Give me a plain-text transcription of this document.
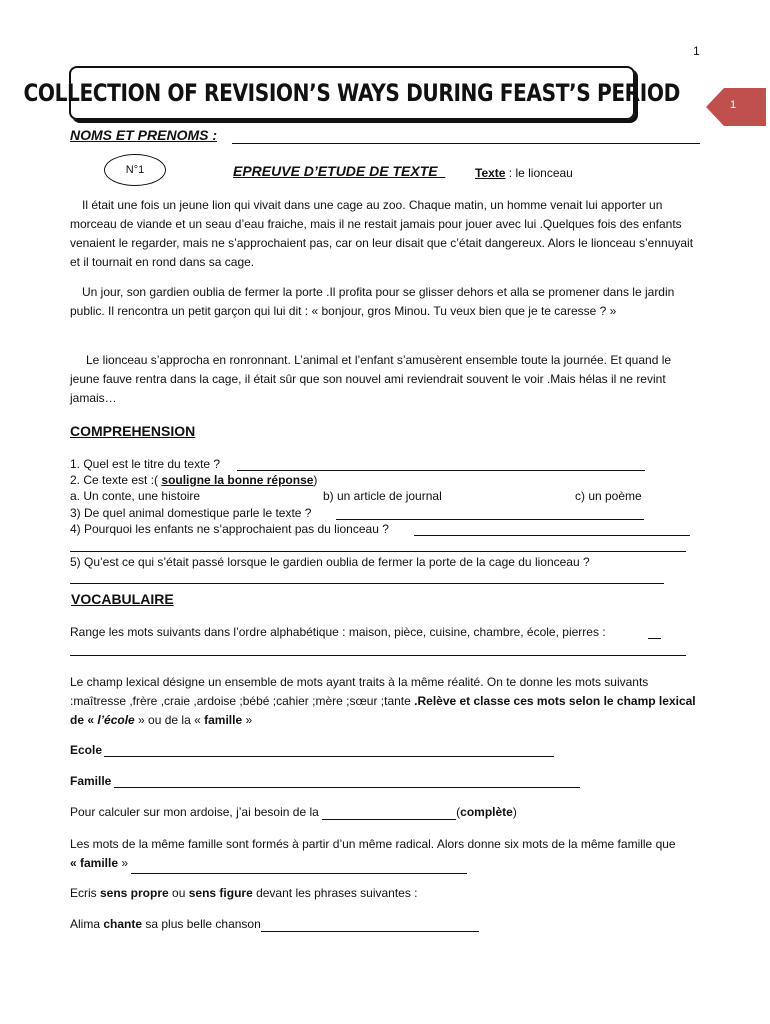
1
COLLECTION OF REVISION’S WAYS DURING FEAST’S PERIOD	1
NOMS ET PRENOMS :
N°1	EPREUVE D’ETUDE DE TEXTE	Texte : le lionceau
Il était une fois un jeune lion qui vivait dans une cage au zoo. Chaque matin, un homme venait lui apporter un morceau de viande et un seau d’eau fraiche, mais il ne restait jamais pour jouer avec lui .Quelques fois des enfants venaient le regarder, mais ne s’approchaient pas, car on leur disait que c’était dangereux. Alors le lionceau s’ennuyait et il tournait en rond dans sa cage.
Un jour, son gardien oublia de fermer la porte .Il profita pour se glisser dehors et alla se promener dans le jardin public. Il rencontra un petit garçon qui lui dit : « bonjour, gros Minou. Tu veux bien que je te caresse ? »
Le lionceau s’approcha en ronronnant. L’animal et l’enfant s’amusèrent ensemble toute la journée. Et quand le jeune fauve rentra dans la cage, il était sûr que son nouvel ami reviendrait souvent le voir .Mais hélas il ne revint jamais…
COMPREHENSION
1. Quel est le titre du texte ?
2. Ce texte est :( souligne la bonne réponse)
a. Un conte, une histoire	b) un article de journal	c) un poème
3) De quel animal domestique parle le texte ?
4) Pourquoi les enfants ne s’approchaient pas du lionceau ?
5) Qu’est ce qui s’était passé lorsque le gardien oublia de fermer la porte de la cage du lionceau ?
VOCABULAIRE
Range les mots suivants dans l’ordre alphabétique : maison, pièce, cuisine, chambre, école, pierres :
Le champ lexical désigne un ensemble de mots ayant traits à la même réalité. On te donne les mots suivants :maîtresse ,frère ,craie ,ardoise ;bébé ;cahier ;mère ;sœur ;tante .Relève et classe ces mots selon le champ lexical de « l’école » ou de la « famille »
Ecole
Famille
Pour calculer sur mon ardoise, j’ai besoin de la	(complète)
Les mots de la même famille sont formés à partir d’un même radical. Alors donne six mots de la même famille que « famille »
Ecris sens propre ou sens figure devant les phrases suivantes :
Alima chante sa plus belle chanson
